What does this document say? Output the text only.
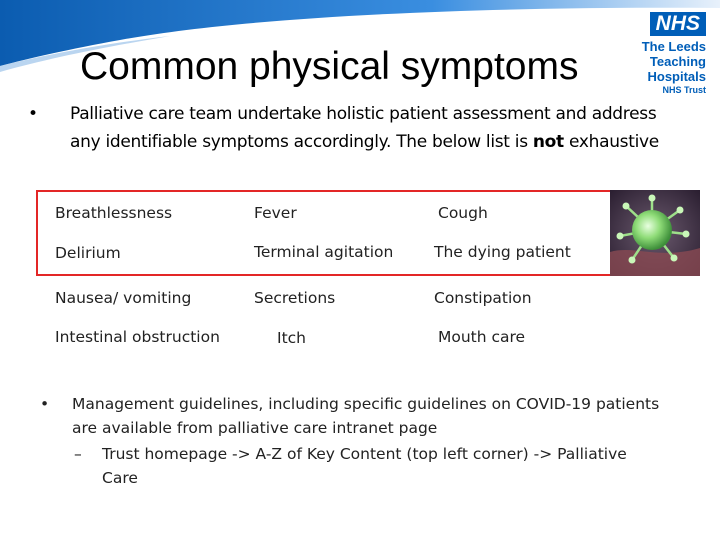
NHS
The Leeds
Teaching Hospitals
NHS Trust
Common physical symptoms
• Palliative care team undertake holistic patient assessment and address any identifiable symptoms accordingly. The below list is not exhaustive
Breathlessness	Fever	Cough
Delirium	Terminal agitation	The dying patient
Nausea/ vomiting	Secretions	Constipation
Intestinal obstruction	Itch	Mouth care
• Management guidelines, including specific guidelines on COVID-19 patients are available from palliative care intranet page
– Trust homepage -> A-Z of Key Content (top left corner) -> Palliative Care
